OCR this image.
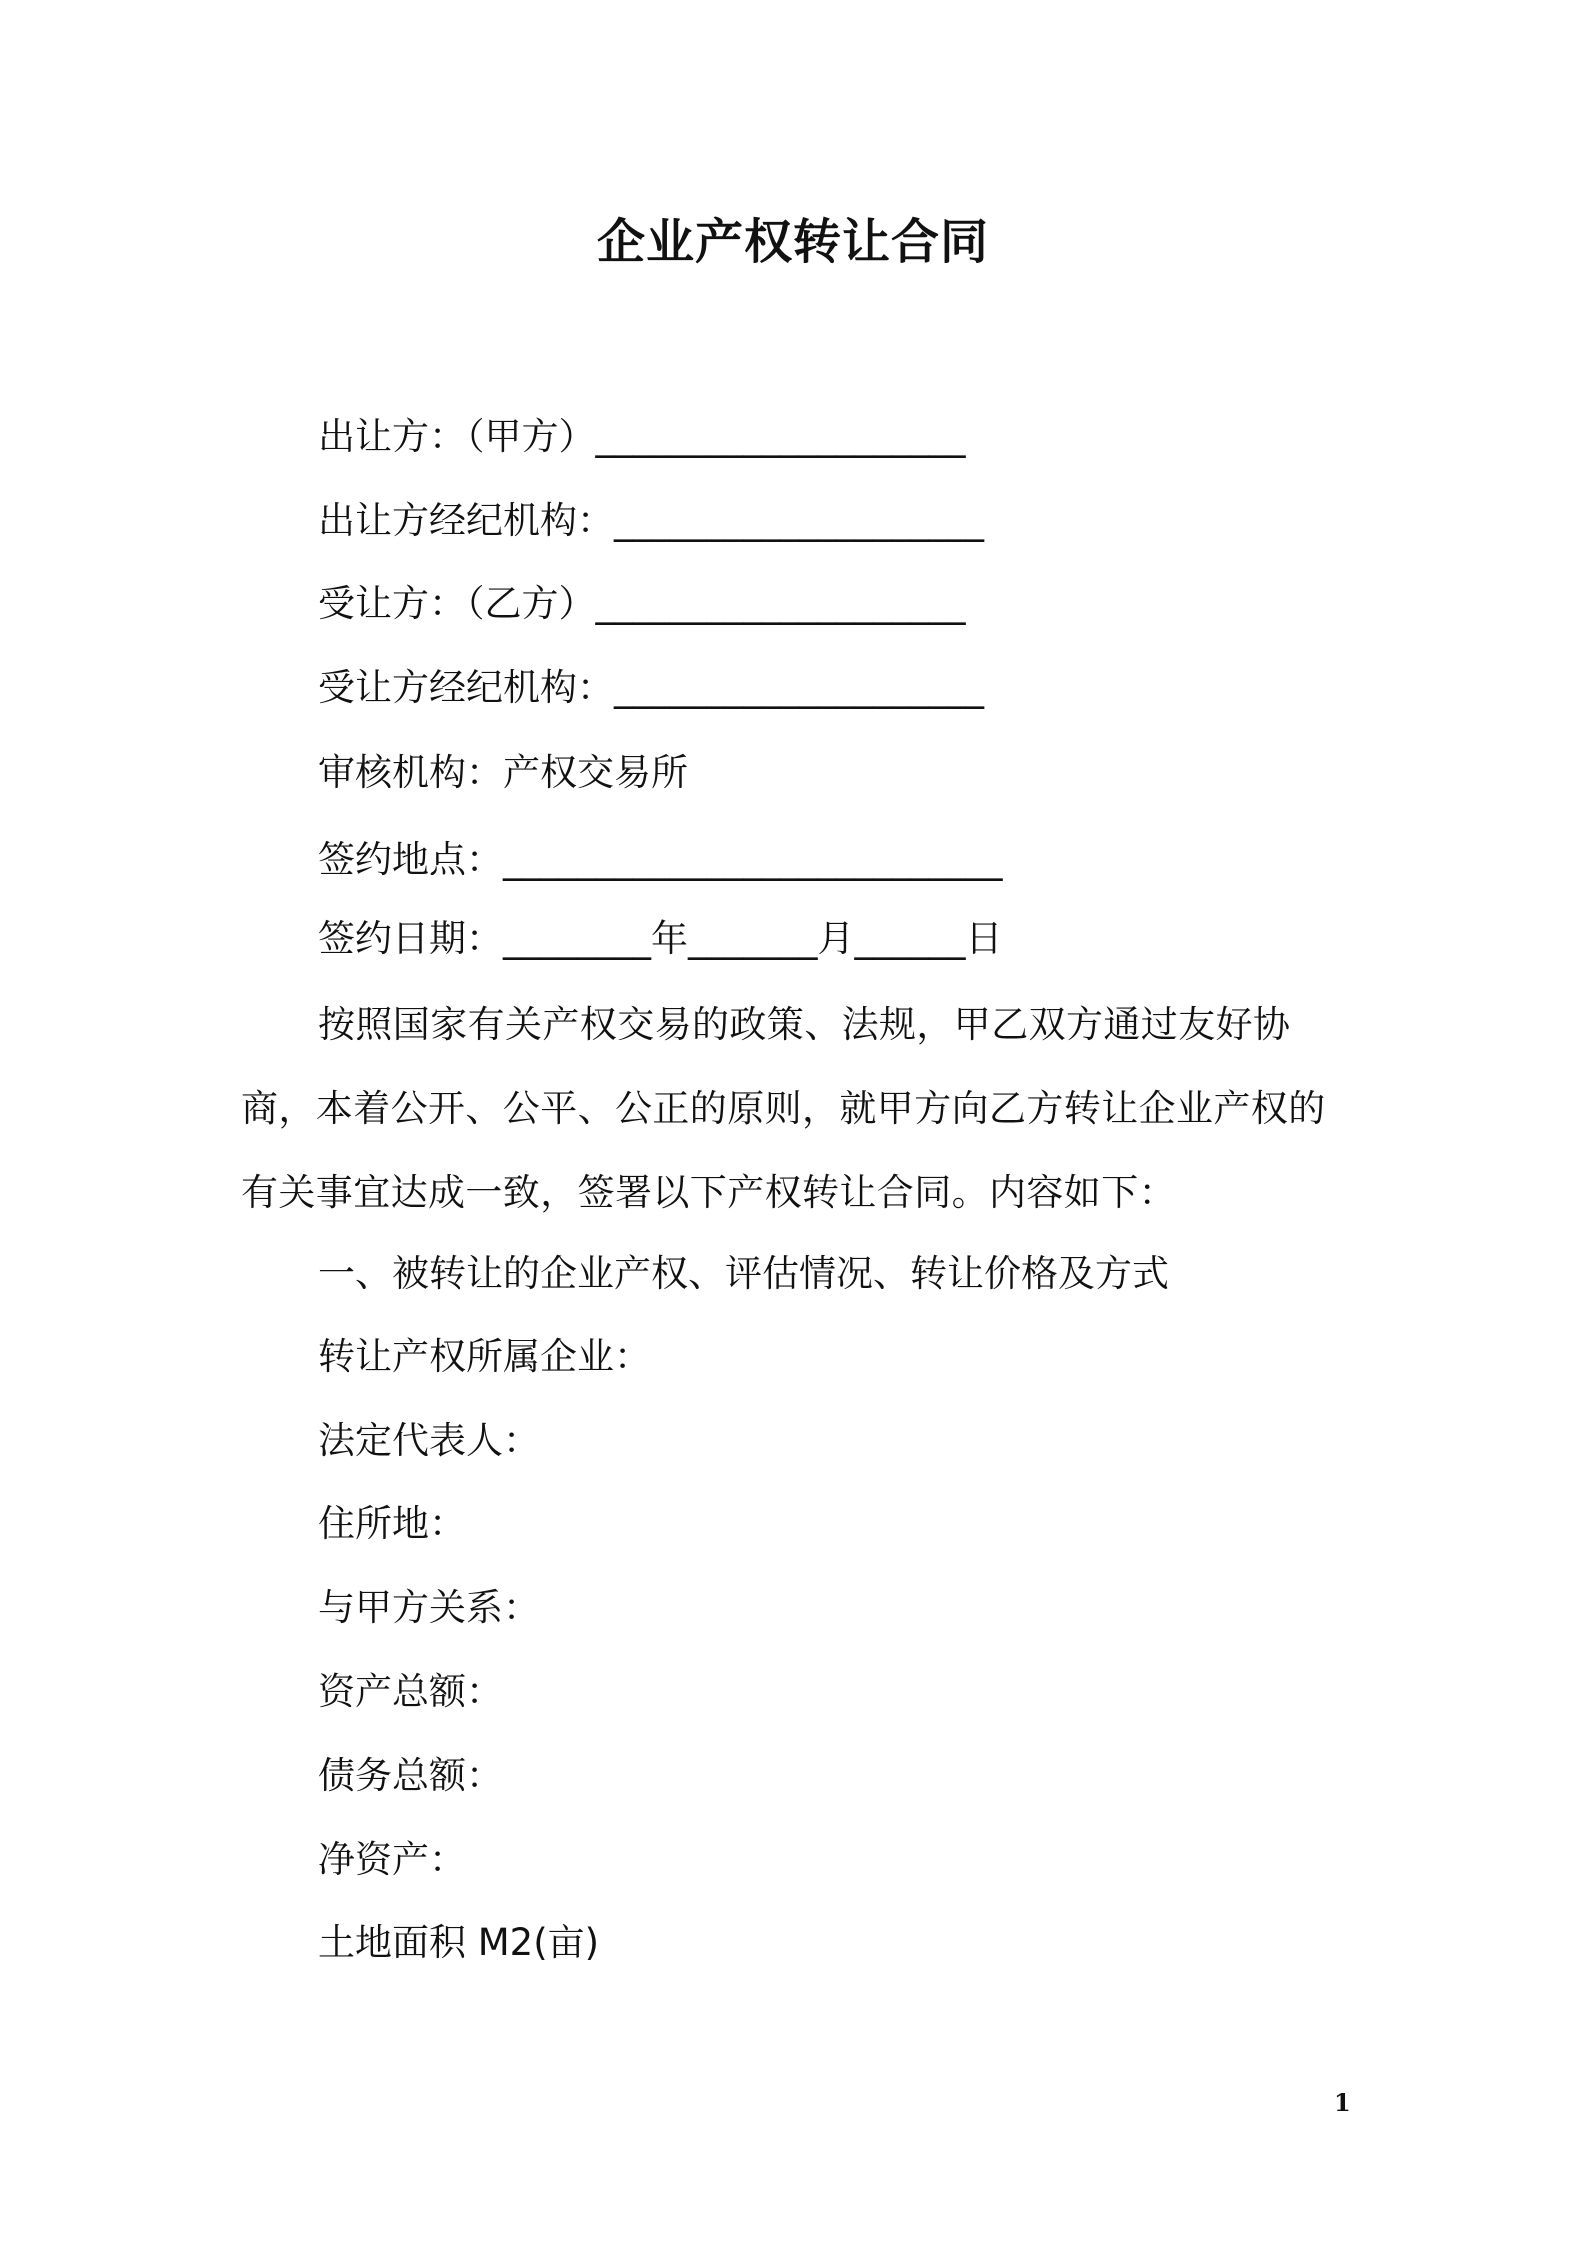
企业产权转让合同
出让方：（甲方）____________________
出让方经纪机构：____________________
受让方：（乙方）____________________
受让方经纪机构：____________________
审核机构：产权交易所
签约地点：___________________________
签约日期：________年_______月______日
按照国家有关产权交易的政策、法规，甲乙双方通过友好协商，本着公开、公平、公正的原则，就甲方向乙方转让企业产权的有关事宜达成一致，签署以下产权转让合同。内容如下：
一、被转让的企业产权、评估情况、转让价格及方式
转让产权所属企业：
法定代表人：
住所地：
与甲方关系：
资产总额：
债务总额：
净资产：
土地面积 M2(亩)
1
